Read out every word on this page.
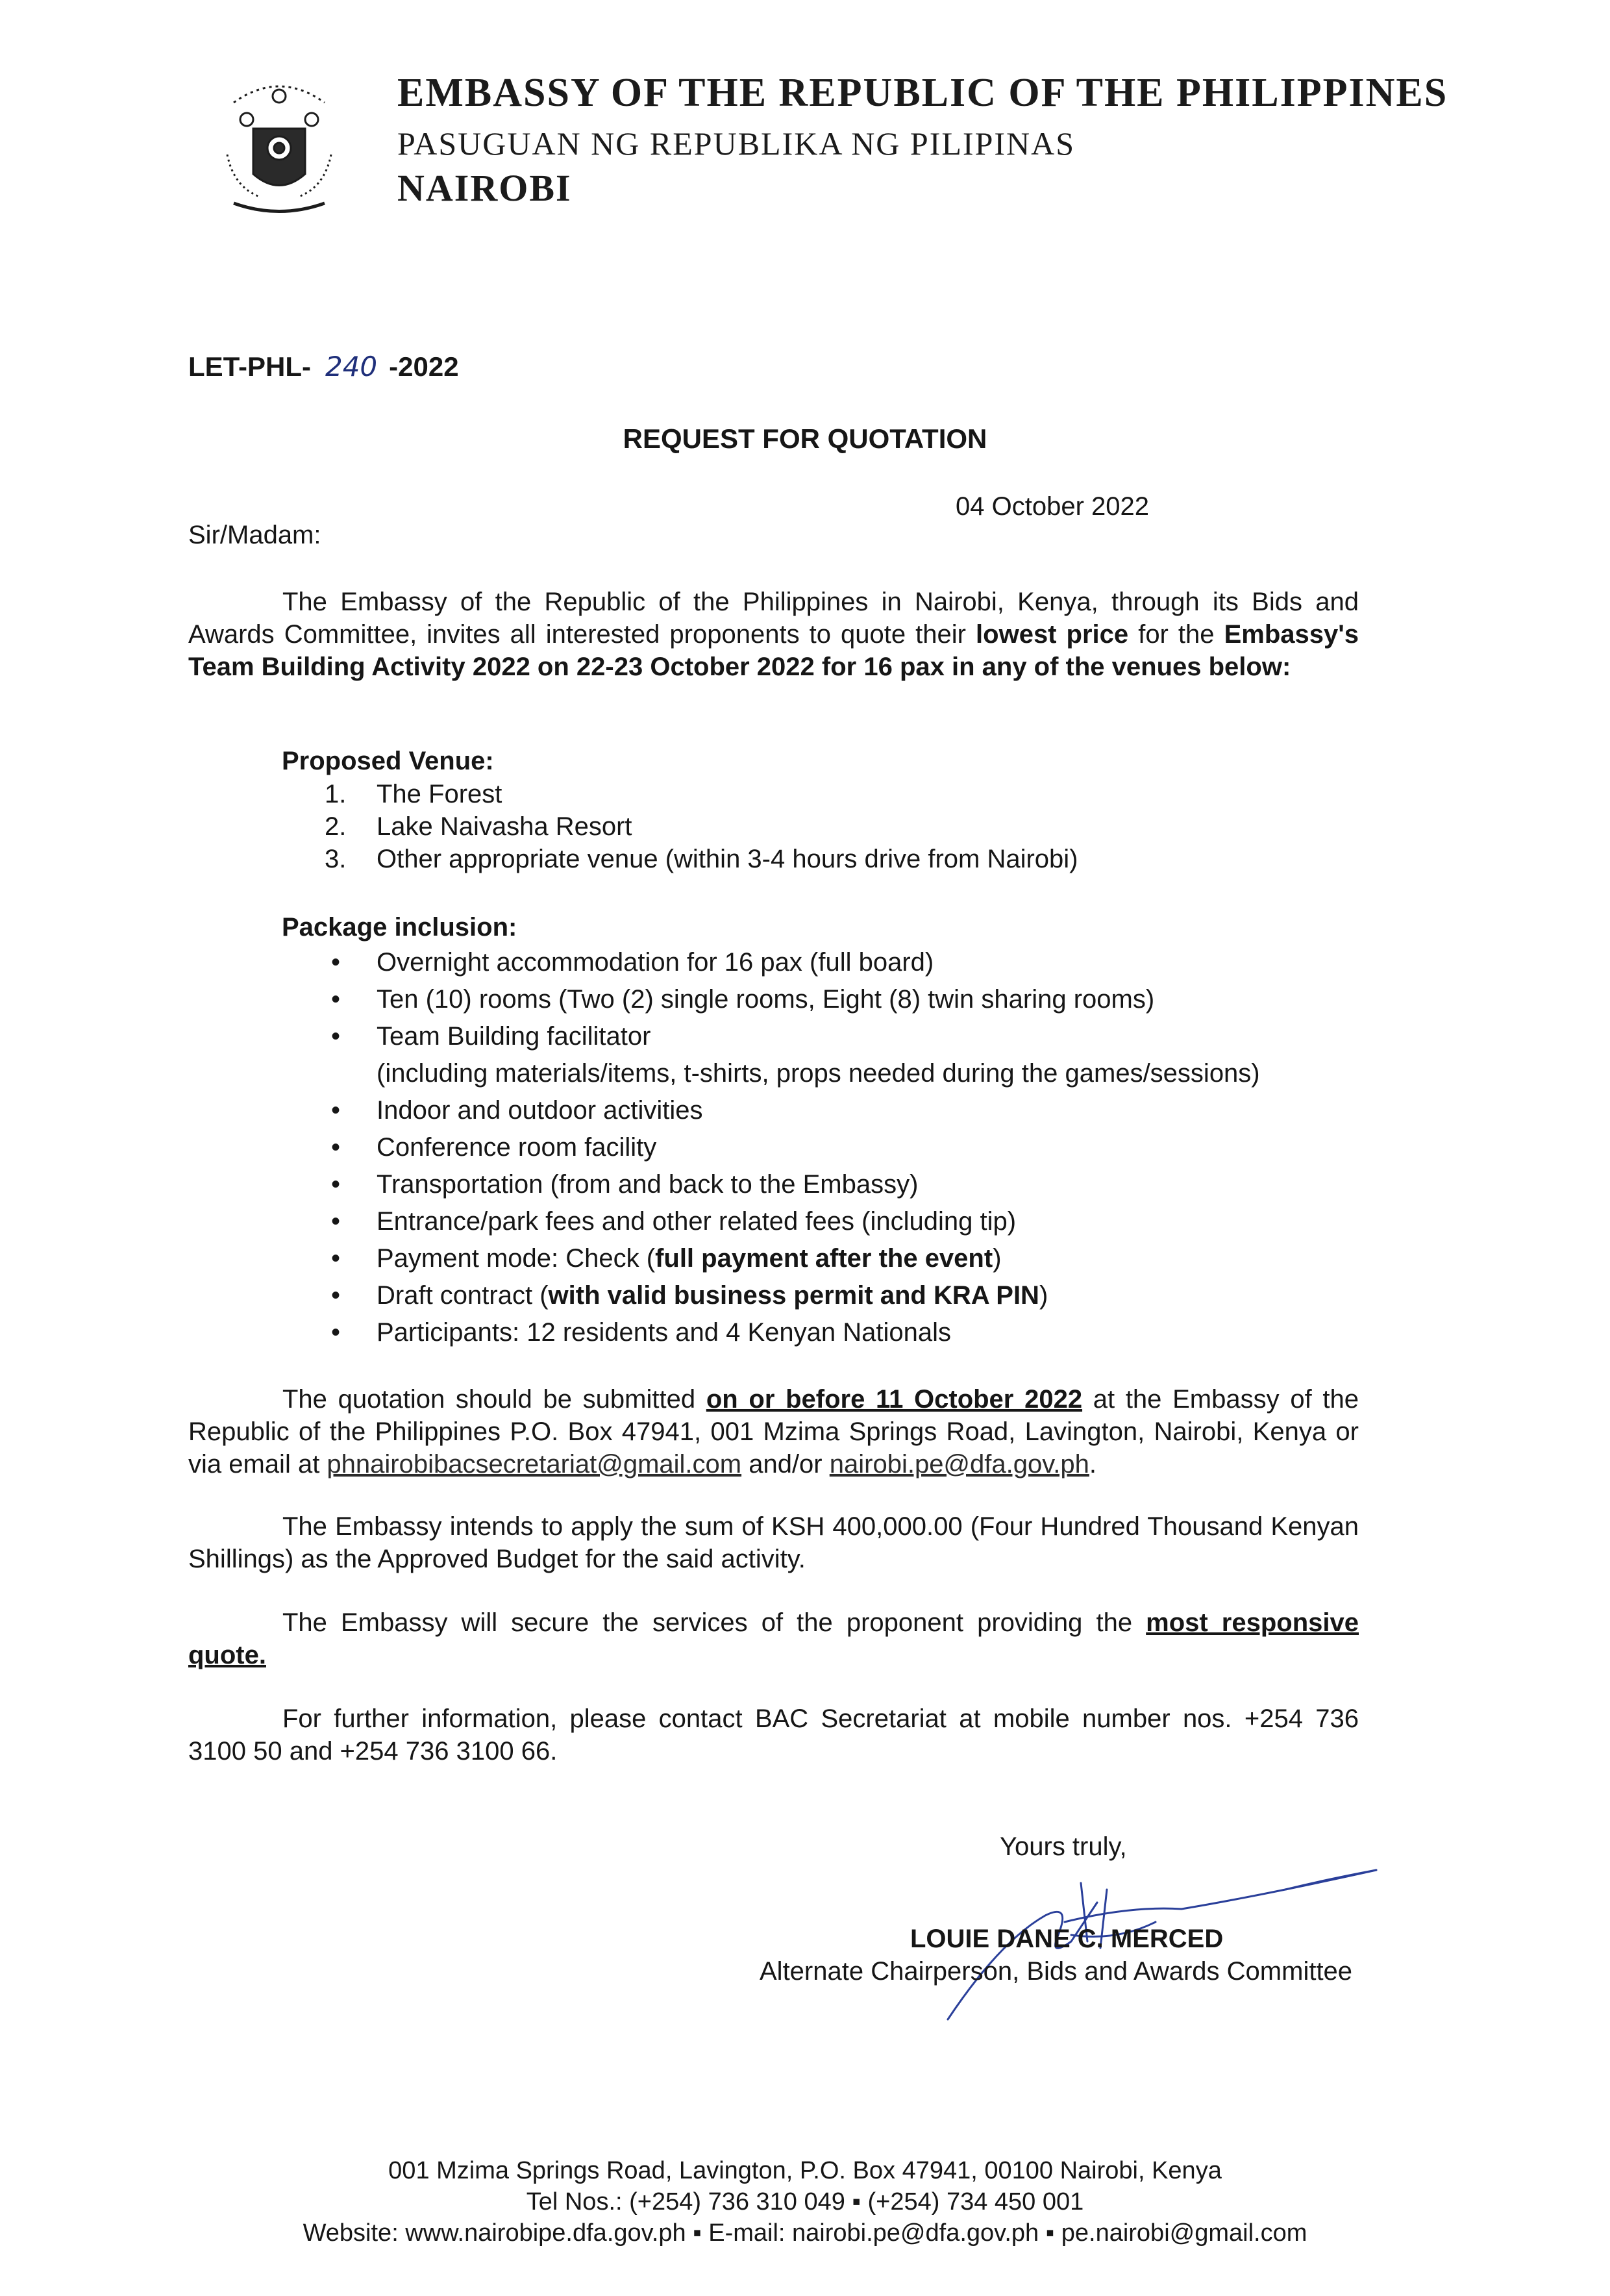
EMBASSY OF THE REPUBLIC OF THE PHILIPPINES
PASUGUAN NG REPUBLIKA NG PILIPINAS
NAIROBI
LET-PHL- 240 -2022
REQUEST FOR QUOTATION
04 October 2022
Sir/Madam:
The Embassy of the Republic of the Philippines in Nairobi, Kenya, through its Bids and Awards Committee, invites all interested proponents to quote their lowest price for the Embassy's Team Building Activity 2022 on 22-23 October 2022 for 16 pax in any of the venues below:
Proposed Venue:
1. The Forest
2. Lake Naivasha Resort
3. Other appropriate venue (within 3-4 hours drive from Nairobi)
Package inclusion:
• Overnight accommodation for 16 pax (full board)
• Ten (10) rooms (Two (2) single rooms, Eight (8) twin sharing rooms)
• Team Building facilitator
(including materials/items, t-shirts, props needed during the games/sessions)
• Indoor and outdoor activities
• Conference room facility
• Transportation (from and back to the Embassy)
• Entrance/park fees and other related fees (including tip)
• Payment mode: Check (full payment after the event)
• Draft contract (with valid business permit and KRA PIN)
• Participants: 12 residents and 4 Kenyan Nationals
The quotation should be submitted on or before 11 October 2022 at the Embassy of the Republic of the Philippines P.O. Box 47941, 001 Mzima Springs Road, Lavington, Nairobi, Kenya or via email at phnairobibacsecretariat@gmail.com and/or nairobi.pe@dfa.gov.ph.
The Embassy intends to apply the sum of KSH 400,000.00 (Four Hundred Thousand Kenyan Shillings) as the Approved Budget for the said activity.
The Embassy will secure the services of the proponent providing the most responsive quote.
For further information, please contact BAC Secretariat at mobile number nos. +254 736 3100 50 and +254 736 3100 66.
Yours truly,
LOUIE DANE C. MERCED
Alternate Chairperson, Bids and Awards Committee
001 Mzima Springs Road, Lavington, P.O. Box 47941, 00100 Nairobi, Kenya
Tel Nos.: (+254) 736 310 049 ▪ (+254) 734 450 001
Website: www.nairobipe.dfa.gov.ph ▪ E-mail: nairobi.pe@dfa.gov.ph ▪ pe.nairobi@gmail.com
